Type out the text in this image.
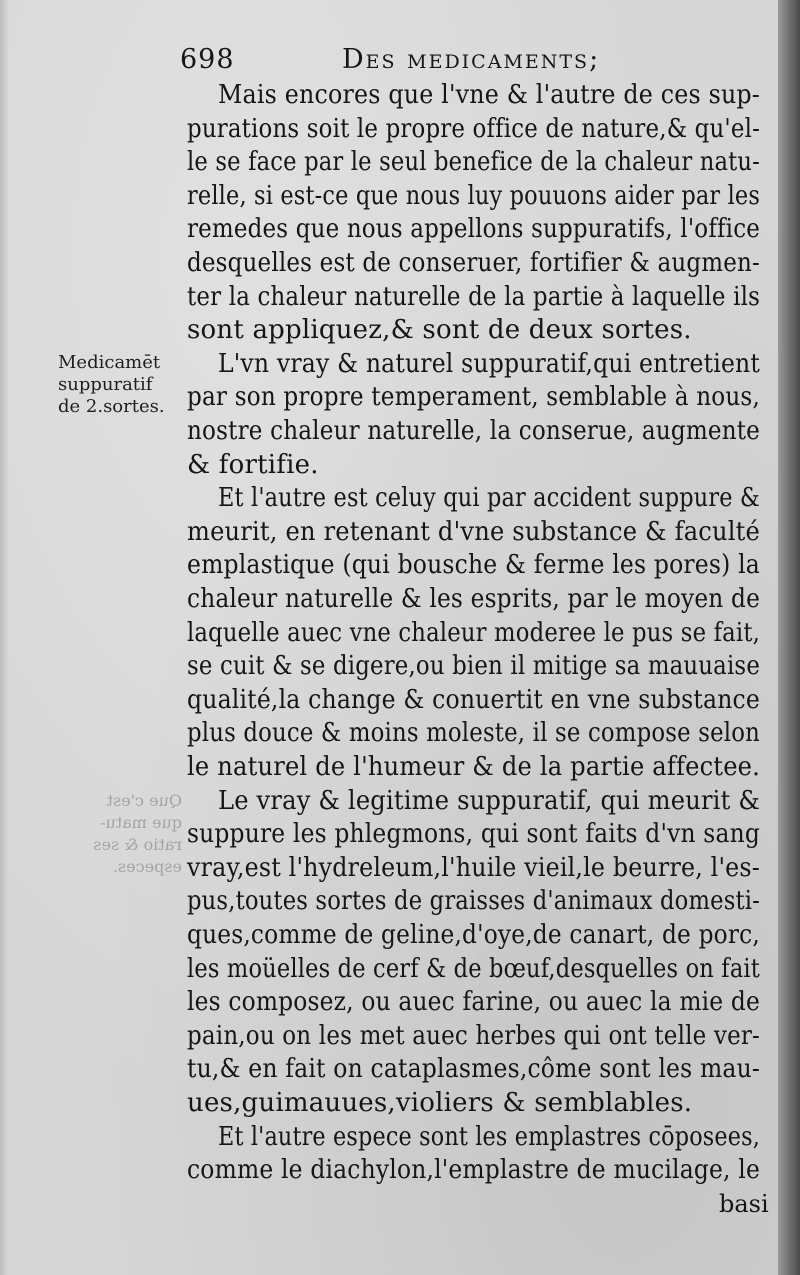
698	Des medicaments;
Medicamēt
suppuratif
de 2.sortes.
Que c'est
que matu-
ratio & ses
especes.
Mais encores que l'vne & l'autre de ces sup-
purations soit le propre office de nature,& qu'el-
le se face par le seul benefice de la chaleur natu-
relle, si est-ce que nous luy pouuons aider par les
remedes que nous appellons suppuratifs, l'office
desquelles est de conseruer, fortifier & augmen-
ter la chaleur naturelle de la partie à laquelle ils
sont appliquez,& sont de deux sortes.
L'vn vray & naturel suppuratif,qui entretient
par son propre temperament, semblable à nous,
nostre chaleur naturelle, la conserue, augmente
& fortifie.
Et l'autre est celuy qui par accident suppure &
meurit, en retenant d'vne substance & faculté
emplastique (qui bousche & ferme les pores) la
chaleur naturelle & les esprits, par le moyen de
laquelle auec vne chaleur moderee le pus se fait,
se cuit & se digere,ou bien il mitige sa mauuaise
qualité,la change & conuertit en vne substance
plus douce & moins moleste, il se compose selon
le naturel de l'humeur & de la partie affectee.
Le vray & legitime suppuratif, qui meurit &
suppure les phlegmons, qui sont faits d'vn sang
vray,est l'hydreleum,l'huile vieil,le beurre, l'es-
pus,toutes sortes de graisses d'animaux domesti-
ques,comme de geline,d'oye,de canart, de porc,
les moüelles de cerf & de bœuf,desquelles on fait
les composez, ou auec farine, ou auec la mie de
pain,ou on les met auec herbes qui ont telle ver-
tu,& en fait on cataplasmes,côme sont les mau-
ues,guimauues,violiers & semblables.
Et l'autre espece sont les emplastres cōposees,
comme le diachylon,l'emplastre de mucilage, le
basi
